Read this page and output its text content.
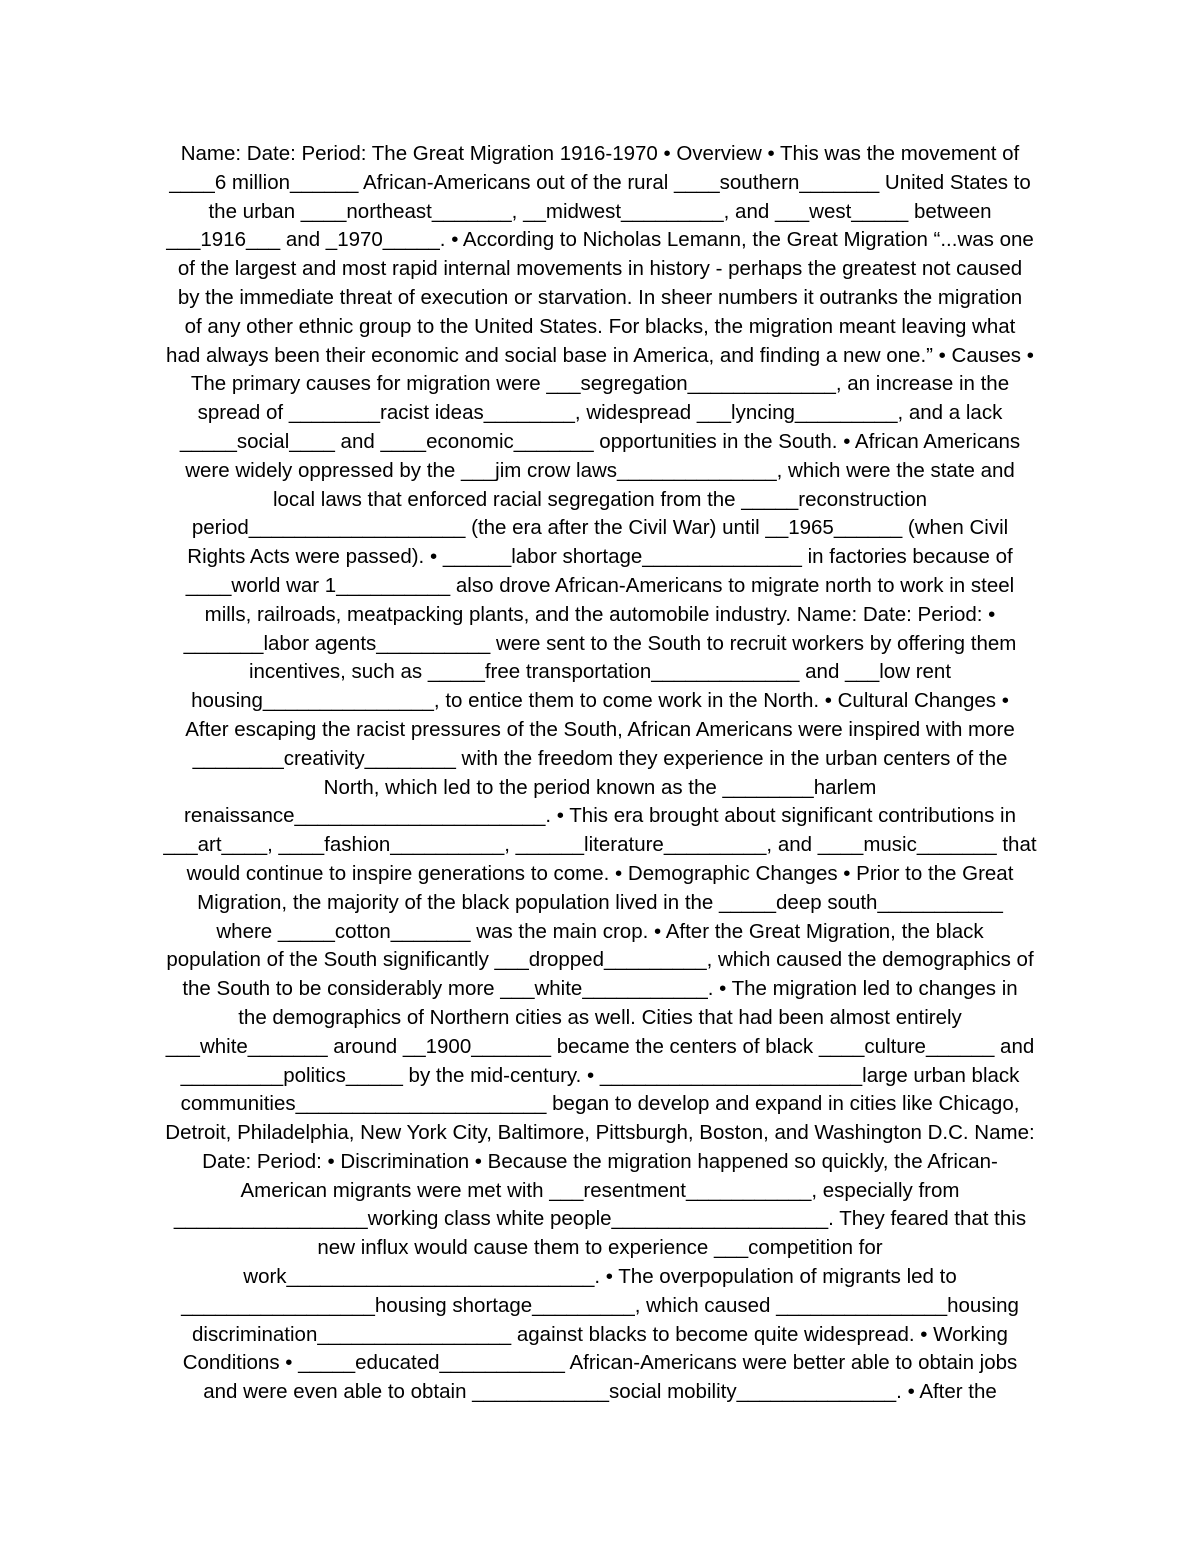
Name: Date: Period: The Great Migration 1916-1970 • Overview • This was the movement of
____6 million______ African-Americans out of the rural ____southern_______ United States to
the urban ____northeast_______, __midwest_________, and ___west_____ between
___1916___ and _1970_____. • According to Nicholas Lemann, the Great Migration “...was one
of the largest and most rapid internal movements in history - perhaps the greatest not caused
by the immediate threat of execution or starvation. In sheer numbers it outranks the migration
of any other ethnic group to the United States. For blacks, the migration meant leaving what
had always been their economic and social base in America, and finding a new one.” • Causes •
The primary causes for migration were ___segregation_____________, an increase in the
spread of ________racist ideas________, widespread ___lyncing_________, and a lack
_____social____ and ____economic_______ opportunities in the South. • African Americans
were widely oppressed by the ___jim crow laws______________, which were the state and
local laws that enforced racial segregation from the _____reconstruction
period___________________ (the era after the Civil War) until __1965______ (when Civil
Rights Acts were passed). • ______labor shortage______________ in factories because of
____world war 1__________ also drove African-Americans to migrate north to work in steel
mills, railroads, meatpacking plants, and the automobile industry. Name: Date: Period: •
_______labor agents__________ were sent to the South to recruit workers by offering them
incentives, such as _____free transportation_____________ and ___low rent
housing_______________, to entice them to come work in the North. • Cultural Changes •
After escaping the racist pressures of the South, African Americans were inspired with more
________creativity________ with the freedom they experience in the urban centers of the
North, which led to the period known as the ________harlem
renaissance______________________. • This era brought about significant contributions in
___art____, ____fashion__________, ______literature_________, and ____music_______ that
would continue to inspire generations to come. • Demographic Changes • Prior to the Great
Migration, the majority of the black population lived in the _____deep south___________
where _____cotton_______ was the main crop. • After the Great Migration, the black
population of the South significantly ___dropped_________, which caused the demographics of
the South to be considerably more ___white___________. • The migration led to changes in
the demographics of Northern cities as well. Cities that had been almost entirely
___white_______ around __1900_______ became the centers of black ____culture______ and
_________politics_____ by the mid-century. • _______________________large urban black
communities______________________ began to develop and expand in cities like Chicago,
Detroit, Philadelphia, New York City, Baltimore, Pittsburgh, Boston, and Washington D.C. Name:
Date: Period: • Discrimination • Because the migration happened so quickly, the African-
American migrants were met with ___resentment___________, especially from
_________________working class white people___________________. They feared that this
new influx would cause them to experience ___competition for
work___________________________. • The overpopulation of migrants led to
_________________housing shortage_________, which caused _______________housing
discrimination_________________ against blacks to become quite widespread. • Working
Conditions • _____educated___________ African-Americans were better able to obtain jobs
and were even able to obtain ____________social mobility______________. • After the
